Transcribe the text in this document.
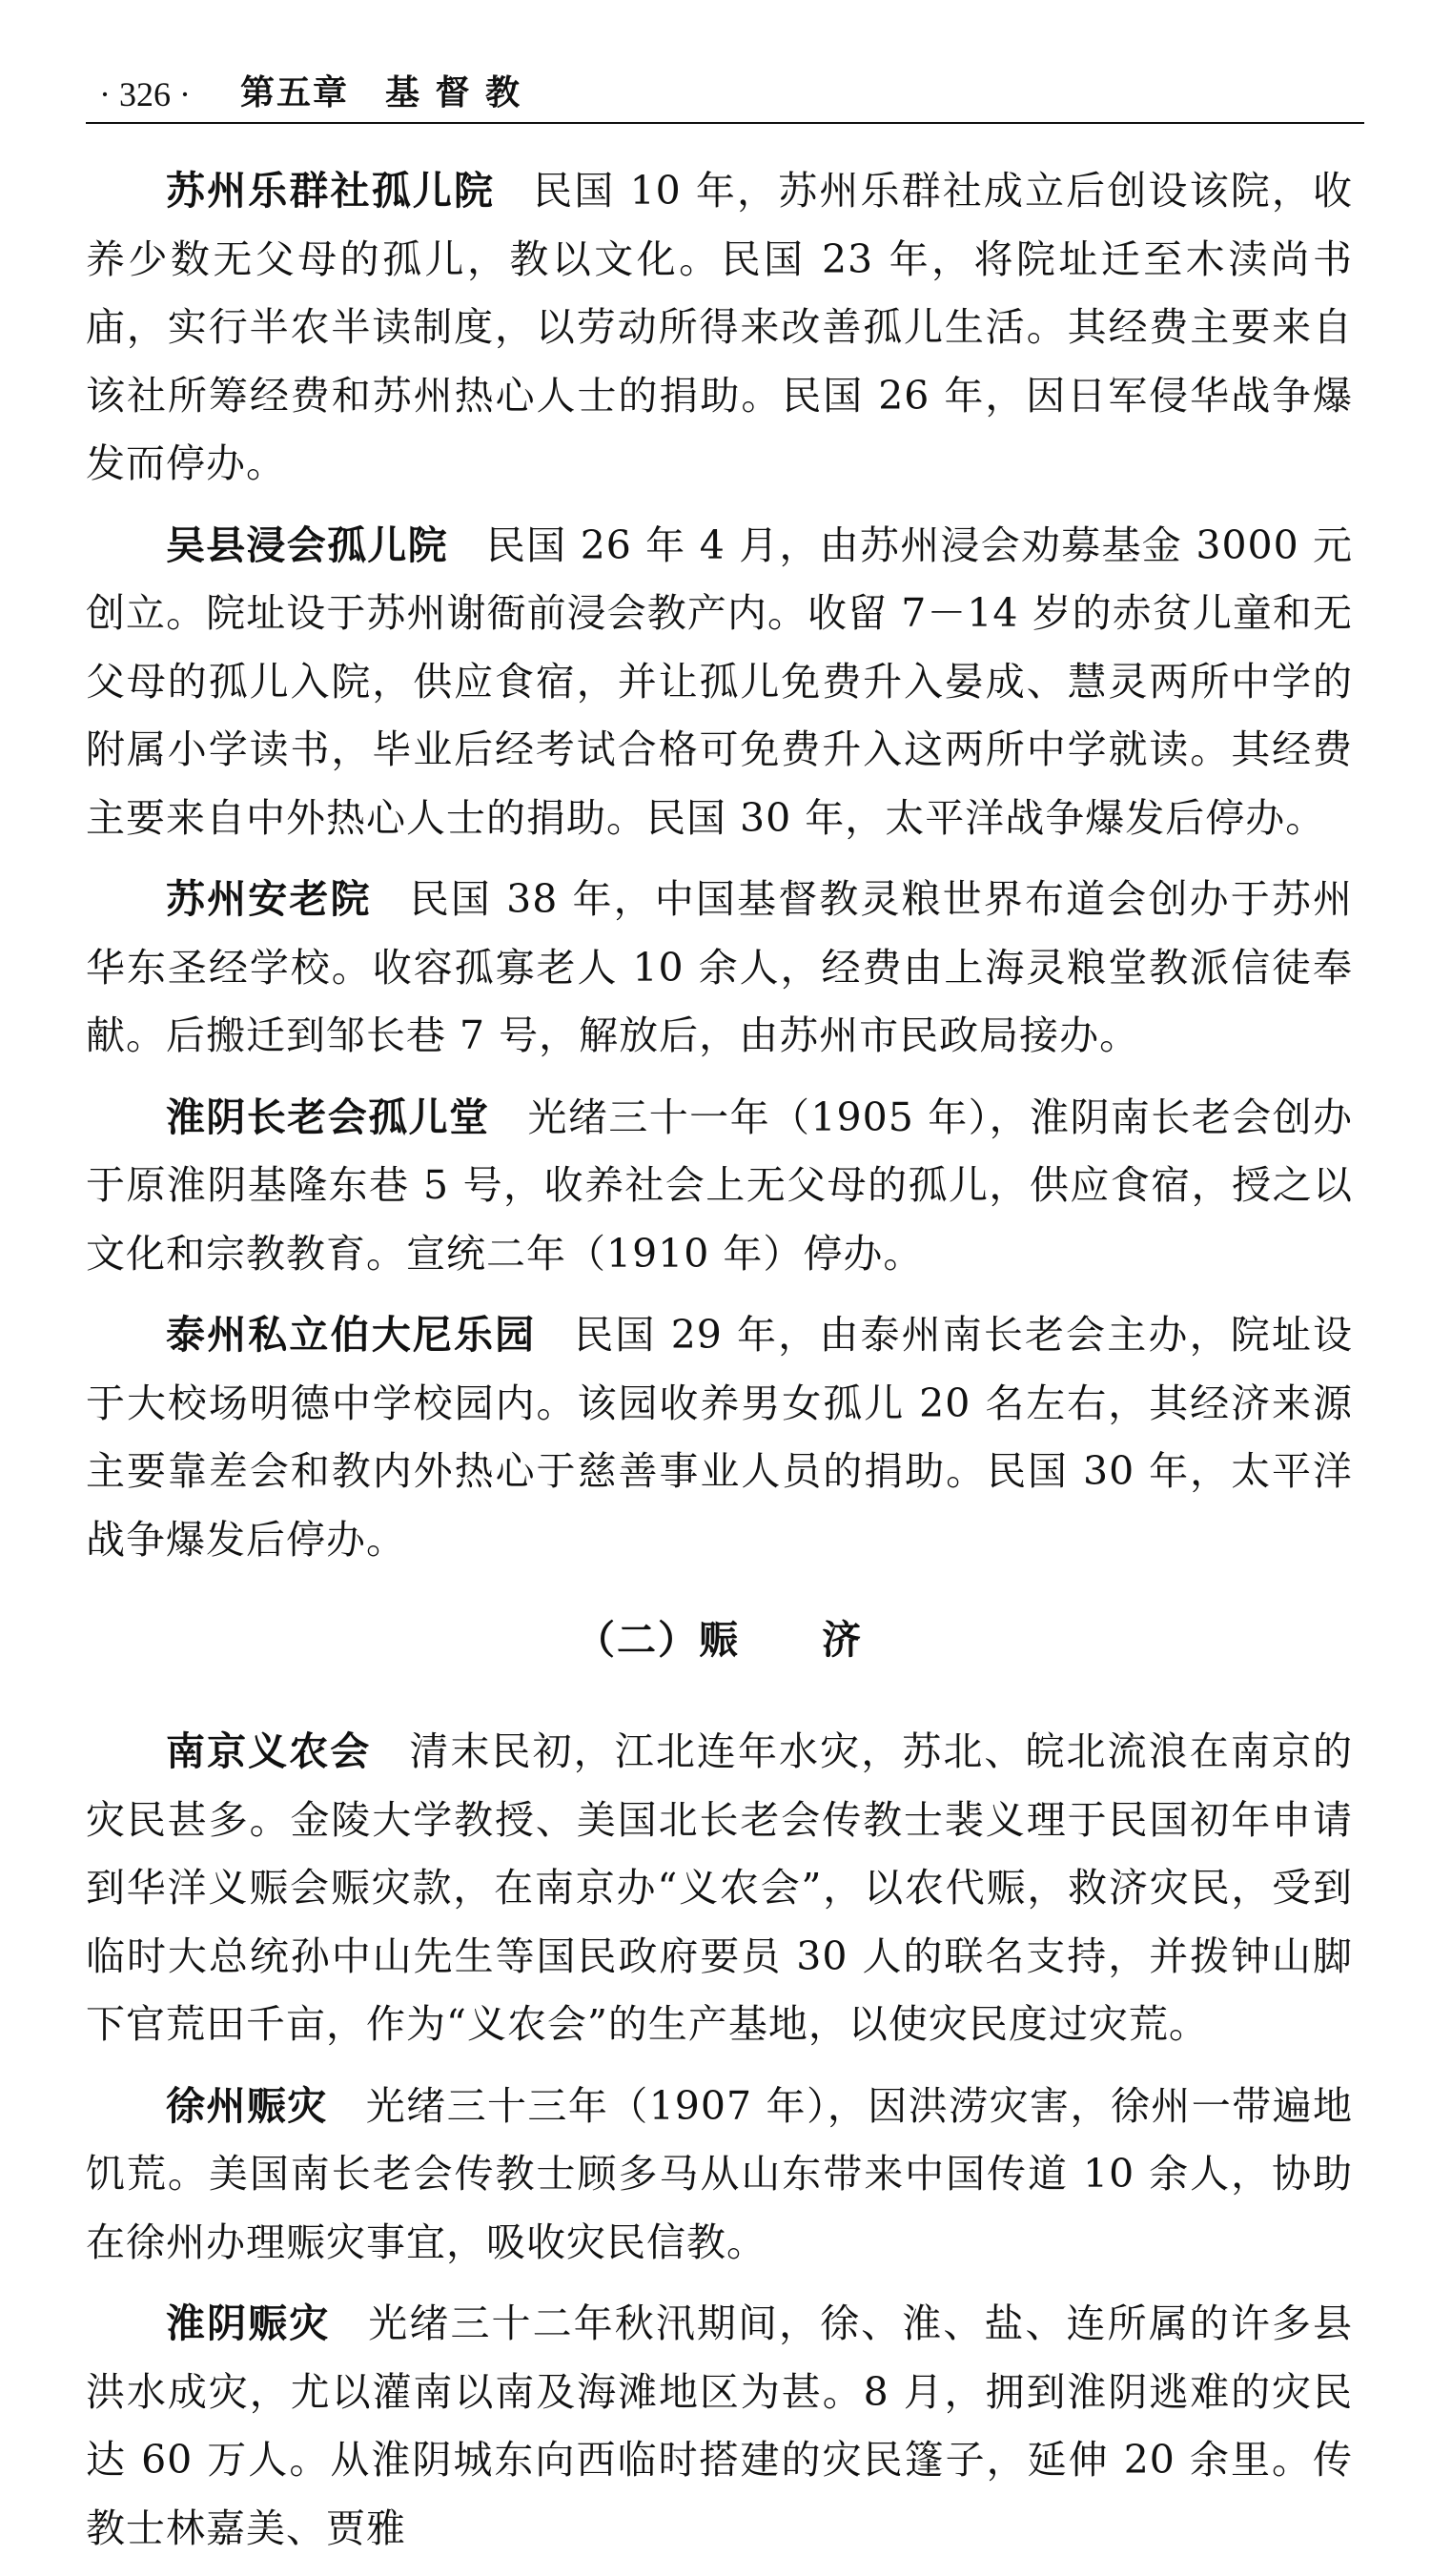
· 326 · 第五章　基 督 教

苏州乐群社孤儿院 民国 10 年，苏州乐群社成立后创设该院，收养少数无父母的孤儿，教以文化。民国 23 年，将院址迁至木渎尚书庙，实行半农半读制度，以劳动所得来改善孤儿生活。其经费主要来自该社所筹经费和苏州热心人士的捐助。民国 26 年，因日军侵华战争爆发而停办。

吴县浸会孤儿院 民国 26 年 4 月，由苏州浸会劝募基金 3000 元创立。院址设于苏州谢衙前浸会教产内。收留 7－14 岁的赤贫儿童和无父母的孤儿入院，供应食宿，并让孤儿免费升入晏成、慧灵两所中学的附属小学读书，毕业后经考试合格可免费升入这两所中学就读。其经费主要来自中外热心人士的捐助。民国 30 年，太平洋战争爆发后停办。

苏州安老院 民国 38 年，中国基督教灵粮世界布道会创办于苏州华东圣经学校。收容孤寡老人 10 余人，经费由上海灵粮堂教派信徒奉献。后搬迁到邹长巷 7 号，解放后，由苏州市民政局接办。

淮阴长老会孤儿堂 光绪三十一年（1905 年），淮阴南长老会创办于原淮阴基隆东巷 5 号，收养社会上无父母的孤儿，供应食宿，授之以文化和宗教教育。宣统二年（1910 年）停办。

泰州私立伯大尼乐园 民国 29 年，由泰州南长老会主办，院址设于大校场明德中学校园内。该园收养男女孤儿 20 名左右，其经济来源主要靠差会和教内外热心于慈善事业人员的捐助。民国 30 年，太平洋战争爆发后停办。

（二）赈　　济

南京义农会 清末民初，江北连年水灾，苏北、皖北流浪在南京的灾民甚多。金陵大学教授、美国北长老会传教士裴义理于民国初年申请到华洋义赈会赈灾款，在南京办“义农会”，以农代赈，救济灾民，受到临时大总统孙中山先生等国民政府要员 30 人的联名支持，并拨钟山脚下官荒田千亩，作为“义农会”的生产基地，以使灾民度过灾荒。

徐州赈灾 光绪三十三年（1907 年），因洪涝灾害，徐州一带遍地饥荒。美国南长老会传教士顾多马从山东带来中国传道 10 余人，协助在徐州办理赈灾事宜，吸收灾民信教。

淮阴赈灾 光绪三十二年秋汛期间，徐、淮、盐、连所属的许多县洪水成灾，尤以灌南以南及海滩地区为甚。8 月，拥到淮阴逃难的灾民达 60 万人。从淮阴城东向西临时搭建的灾民篷子，延伸 20 余里。传教士林嘉美、贾雅
